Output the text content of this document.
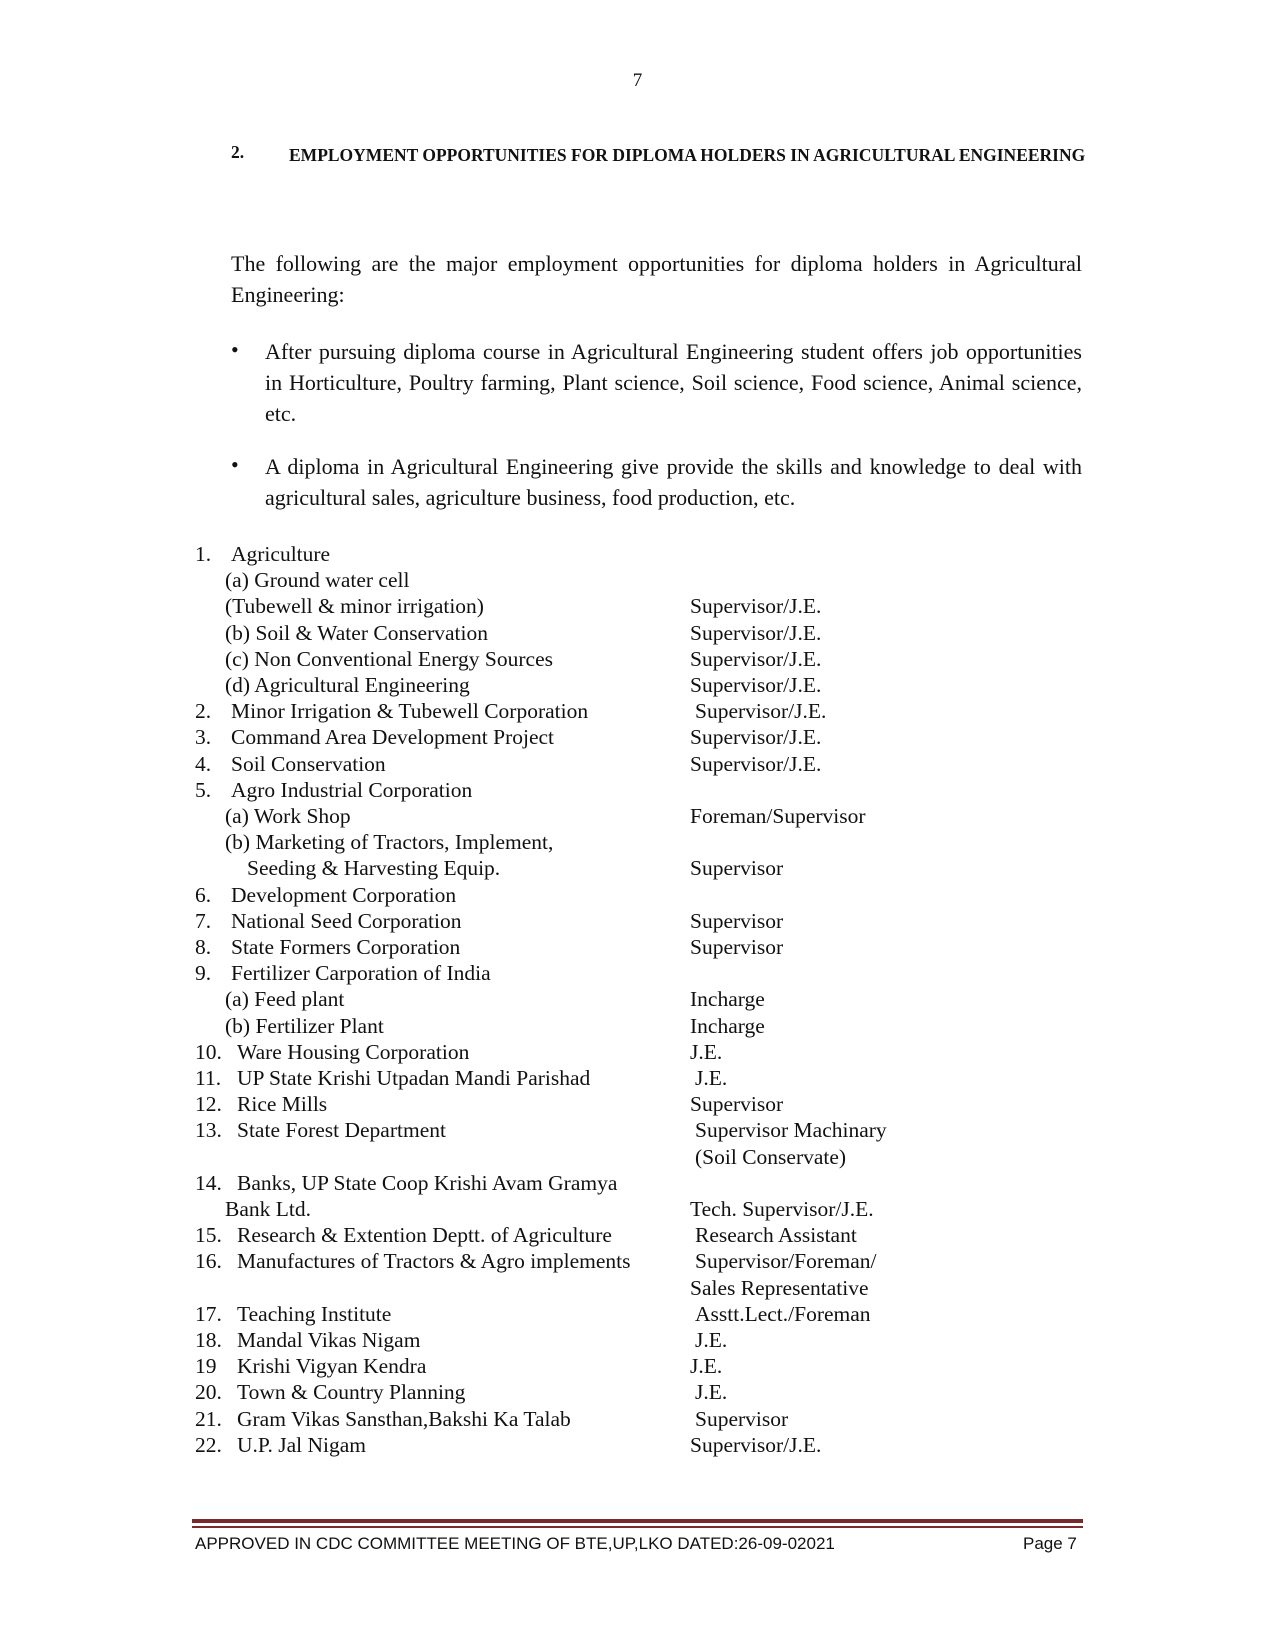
7
2.	EMPLOYMENT OPPORTUNITIES FOR DIPLOMA HOLDERS IN AGRICULTURAL ENGINEERING
The following are the major employment opportunities for diploma holders in Agricultural Engineering:
• After pursuing diploma course in Agricultural Engineering student offers job opportunities in Horticulture, Poultry farming, Plant science, Soil science, Food science, Animal science, etc.
• A diploma in Agricultural Engineering give provide the skills and knowledge to deal with agricultural sales, agriculture business, food production, etc.
1. Agriculture
(a) Ground water cell
(Tubewell & minor irrigation)	Supervisor/J.E.
(b) Soil & Water Conservation	Supervisor/J.E.
(c) Non Conventional Energy Sources	Supervisor/J.E.
(d) Agricultural Engineering	Supervisor/J.E.
2. Minor Irrigation & Tubewell Corporation	Supervisor/J.E.
3. Command Area Development Project	Supervisor/J.E.
4. Soil Conservation	Supervisor/J.E.
5. Agro Industrial Corporation
(a) Work Shop	Foreman/Supervisor
(b) Marketing of Tractors, Implement,
Seeding & Harvesting Equip.	Supervisor
6. Development Corporation
7. National Seed Corporation	Supervisor
8. State Formers Corporation	Supervisor
9. Fertilizer Carporation of India
(a) Feed plant	Incharge
(b) Fertilizer Plant	Incharge
10. Ware Housing Corporation	J.E.
11. UP State Krishi Utpadan Mandi Parishad	J.E.
12. Rice Mills	Supervisor
13. State Forest Department	Supervisor Machinary
(Soil Conservate)
14. Banks, UP State Coop Krishi Avam Gramya
Bank Ltd.	Tech. Supervisor/J.E.
15. Research & Extention Deptt. of Agriculture	Research Assistant
16. Manufactures of Tractors & Agro implements	Supervisor/Foreman/
Sales Representative
17. Teaching Institute	Asstt.Lect./Foreman
18. Mandal Vikas Nigam	J.E.
19 Krishi Vigyan Kendra	J.E.
20. Town & Country Planning	J.E.
21. Gram Vikas Sansthan,Bakshi Ka Talab	Supervisor
22. U.P. Jal Nigam	Supervisor/J.E.
APPROVED IN CDC COMMITTEE MEETING OF BTE,UP,LKO DATED:26-09-02021	Page 7
